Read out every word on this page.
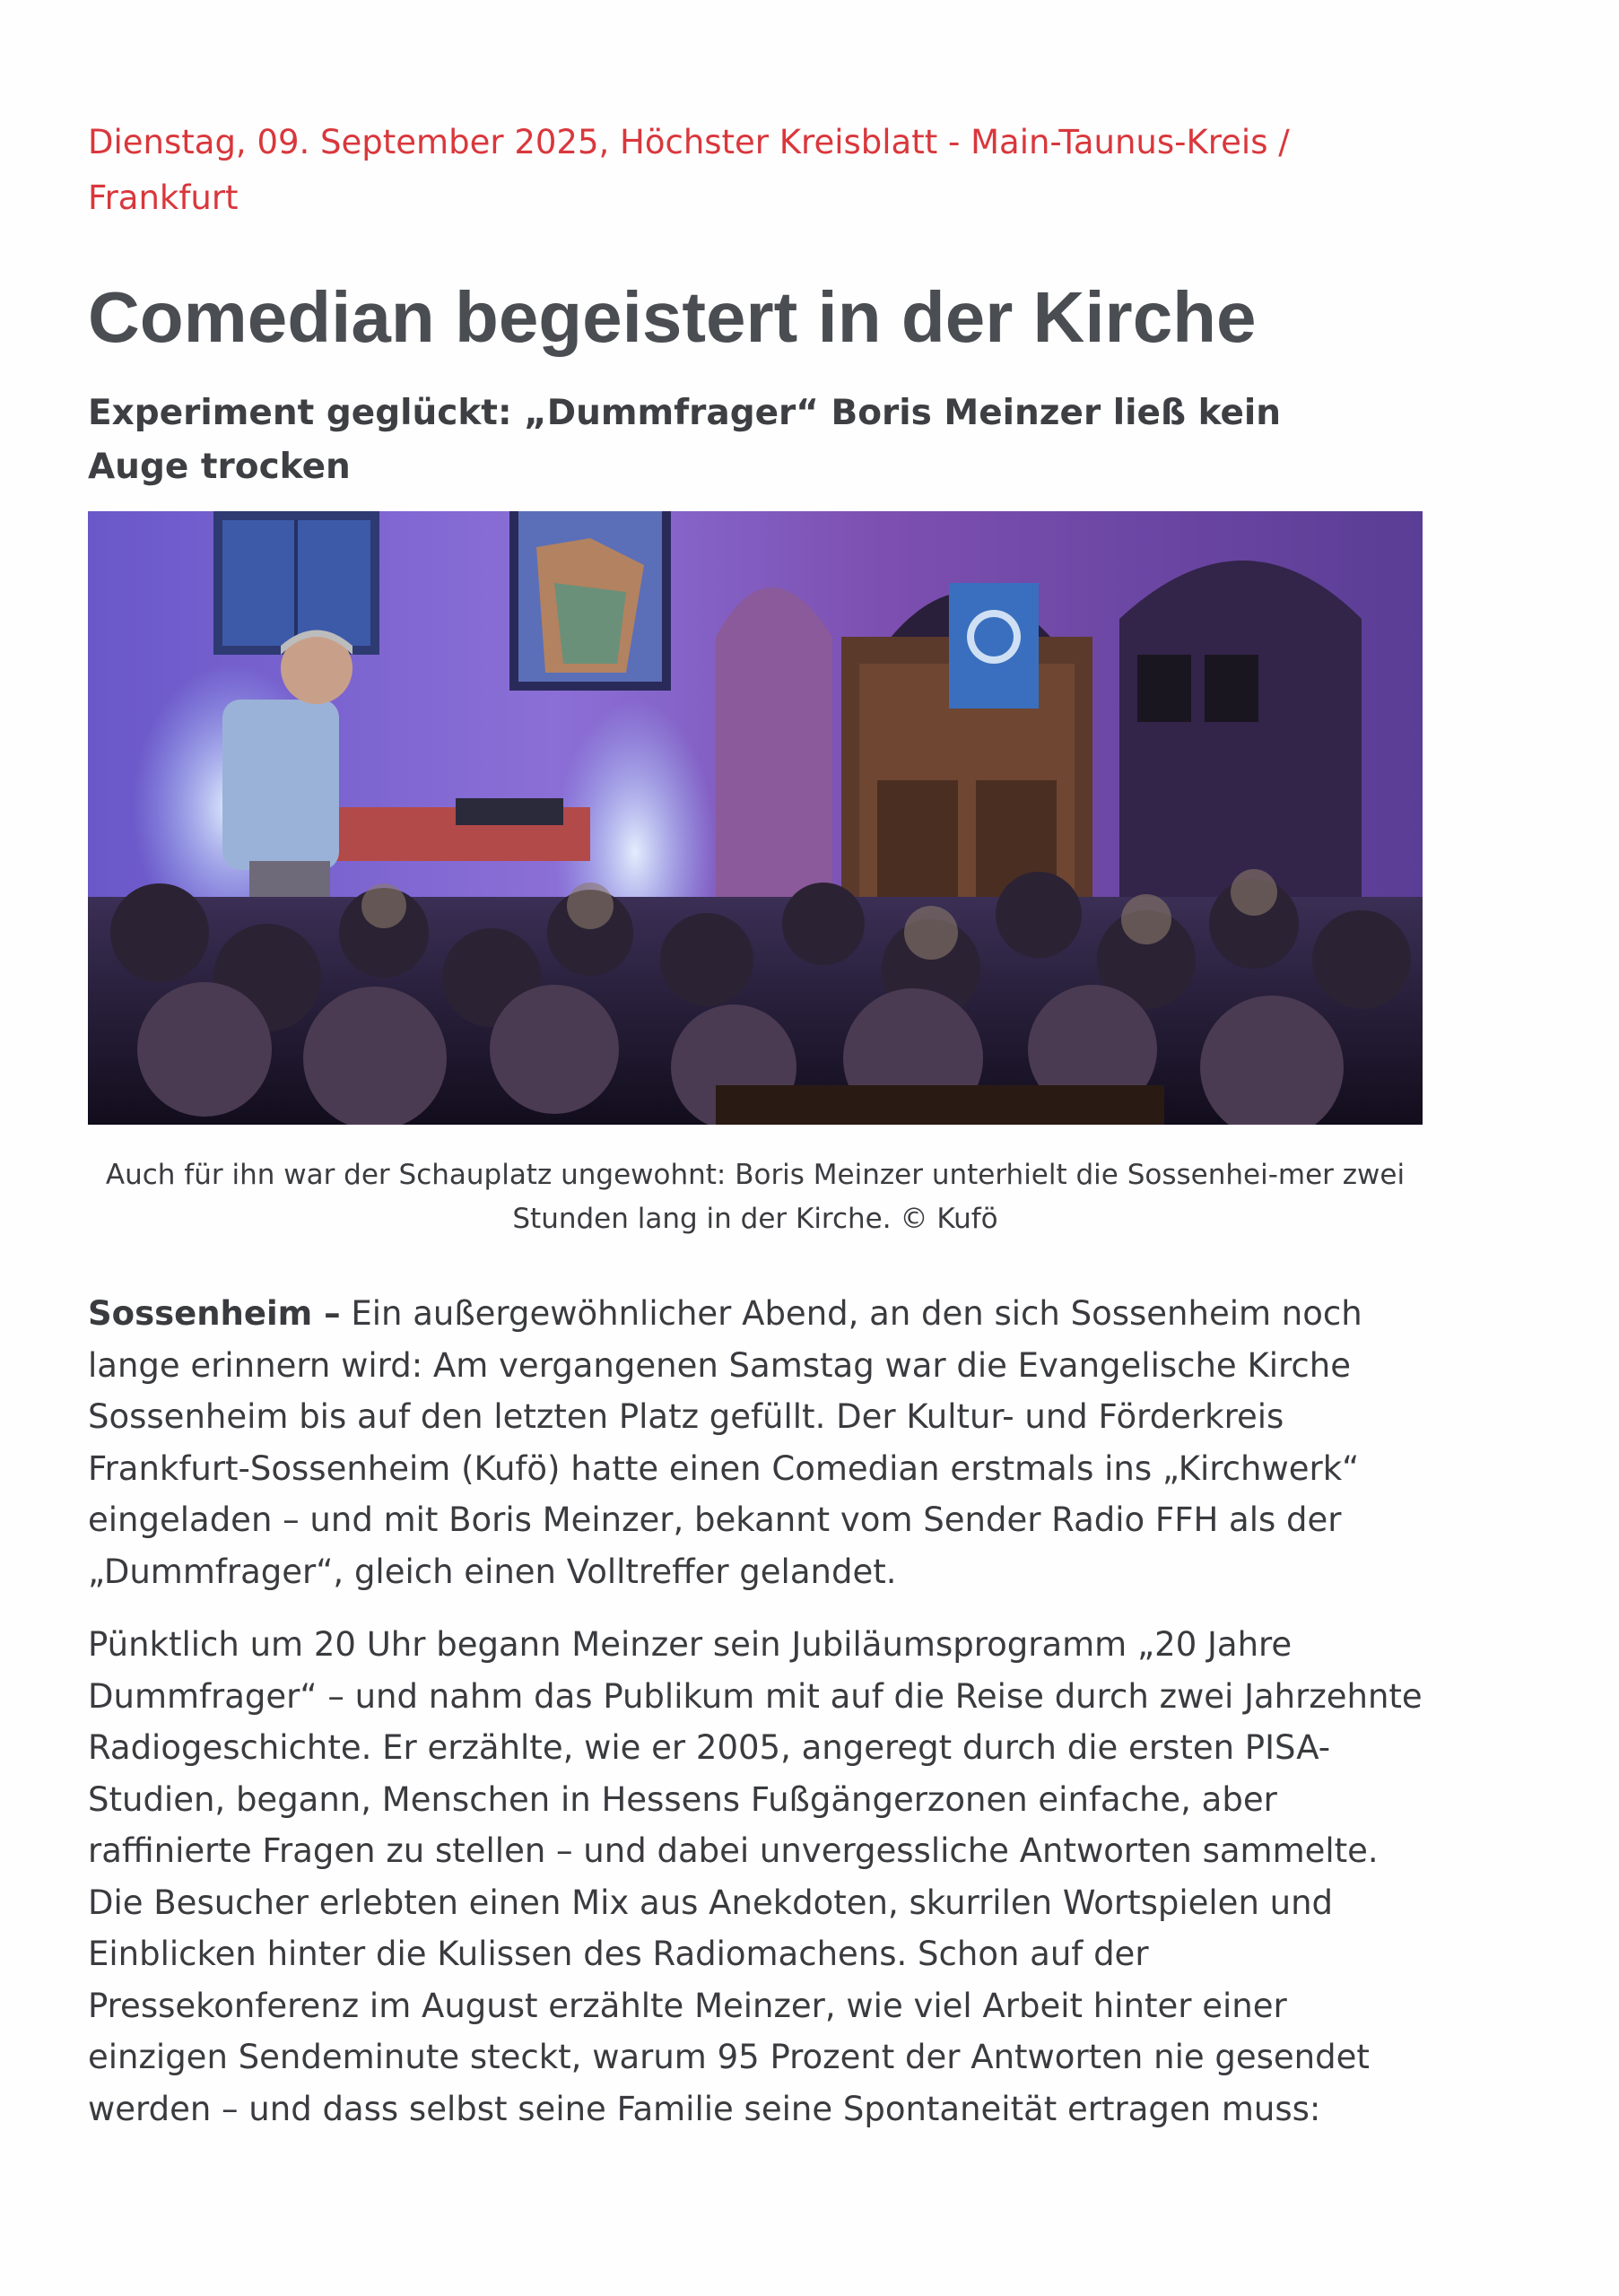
Dienstag, 09. September 2025, Höchster Kreisblatt - Main-Taunus-Kreis / Frankfurt

Comedian begeistert in der Kirche
Experiment geglückt: „Dummfrager“ Boris Meinzer ließ kein Auge trocken

Auch für ihn war der Schauplatz ungewohnt: Boris Meinzer unterhielt die Sossenhei-mer zwei Stunden lang in der Kirche. © Kufö

Sossenheim – Ein außergewöhnlicher Abend, an den sich Sossenheim noch lange erinnern wird: Am vergangenen Samstag war die Evangelische Kirche Sossenheim bis auf den letzten Platz gefüllt. Der Kultur- und Förderkreis Frankfurt-Sossenheim (Kufö) hatte einen Comedian erstmals ins „Kirchwerk“ eingeladen – und mit Boris Meinzer, bekannt vom Sender Radio FFH als der „Dummfrager“, gleich einen Volltreffer gelandet.

Pünktlich um 20 Uhr begann Meinzer sein Jubiläumsprogramm „20 Jahre Dummfrager“ – und nahm das Publikum mit auf die Reise durch zwei Jahrzehnte Radiogeschichte. Er erzählte, wie er 2005, angeregt durch die ersten PISA-Studien, begann, Menschen in Hessens Fußgängerzonen einfache, aber raffinierte Fragen zu stellen – und dabei unvergessliche Antworten sammelte. Die Besucher erlebten einen Mix aus Anekdoten, skurrilen Wortspielen und Einblicken hinter die Kulissen des Radiomachens. Schon auf der Pressekonferenz im August erzählte Meinzer, wie viel Arbeit hinter einer einzigen Sendeminute steckt, warum 95 Prozent der Antworten nie gesendet werden – und dass selbst seine Familie seine Spontaneität ertragen muss:
